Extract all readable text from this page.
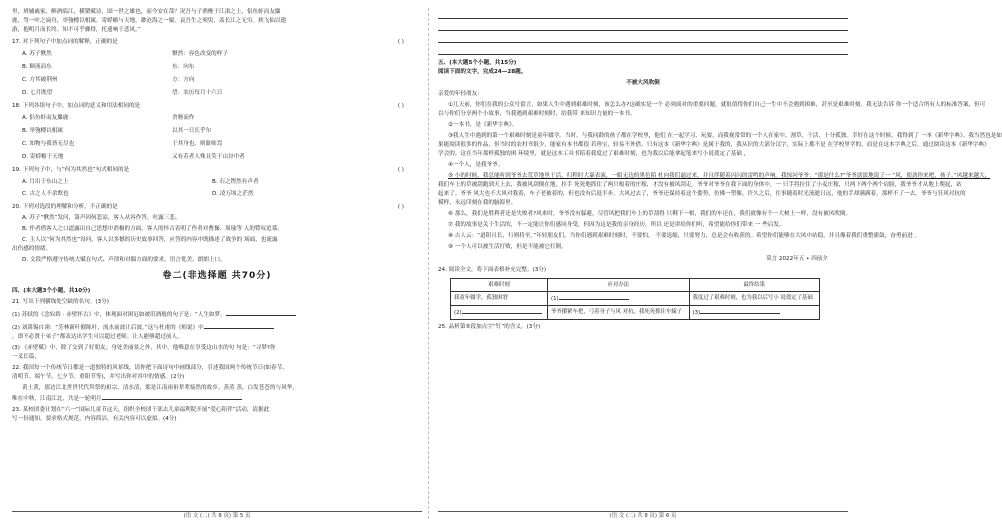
里，班辅戚家，醉酒临江，横槊赋诗，固一世之雄也，而今安在哉？况吾与子渔樵于江渚之上，侣鱼虾而友麋

鹿，驾一叶之扁舟，举匏樽以相属。寄蜉蝣与天地，渺沧海之一粟。哀吾生之须臾，羡长江之无穷。挟飞仙以遨

游，抱明月而长终。知不可乎骤得，托遗响于悲风。”

17. 对下列句子中加点词的解释，正确的是	( )
A. 苏子愀然	愀然：容色改变的样子
B. 顺流而东	东：向东
C. 方其破荆州	方：方向
D. 七月既望	望：农历每月十六日
18. 下列各组句子中，加点词的意义和用法相同的是	( )
A. 侣鱼虾而友麋鹿	舍簪而作
B. 举匏樽以相属	以其一日长乎尔
C. 知物与我皆无尽也	于其身也，则耻师焉
D. 寄蜉蝣于天地	又有若者人殊且笑于山谷中者
19. 下列句子中，与“何为其然也”句式相同的是	( )
A. 月出于东山之上	B. 石之铿然有声者
C. 古之人不余欺也	D. 凌万顷之茫然
20. 下列对选段的理解和分析，不正确的是	( )

A. 苏子“愀然”发问，箫声因何悲凉，客人从容作答，吐露三悲。

B. 作者借客人之口道露出自己思想中消极的方面，客人的怀古表明了作者对曹操、周瑜等 人的赞叹追慕。

C. 主人以“何为其然也”设问，客人以多憾的历史故事回答，应答的内容中既描述了战争的 场面，也流露

出伤感的情绪。

D. 文段严格遵守传统大赋在句式、声律和对偶方面的要求，语言优美，朗朗上口。

卷二(非选择题 共70分)

四、(本大题3个小题，共10分)

21. 写出下列横线处空缺的名句。(3分)

(1) 苏轼的《念奴娇 · 赤壁怀古》中，体现面对困厄如被旧酒般的句子是：“人生如梦，

(2) 刘禹锡自诩：“芳林新叶催陈叶，流水前波让后波。”这与杜甫的《师说》中

，即不必贤于弟子”都表达出学生可以超过老师。让人能够超过前人。

(3) 《赤壁赋》中，除了交到了好朋友、身处美丽景之外，其中，他唯意在享受这山水的句 句是：“寻梦?你

一叉长篇，

22. 我国每一个传统节日都是一道独特的风景线，请你把下面诗句中画线部分，引述我国两个传统节日(如春节、

清明节、端午节、七夕节、重阳节等)，并写出你对其中的情感。(2分)

黄土黄，那边江北世世代代拜祭的祖宗，清水清，那是江南祖祖辈辈接然的故乡。蒸蒸 蒸，白发苍苍的与风华，

唯在中秋，江南江北，共是一轮明月

23. 某校团委计划在“六一”国际儿童节这天，组织全校团干部去儿童福利院开展“爱心陪伴”活动，请据此

写一份通知。要求格式规范，内容简洁。有关内容可以虚拟。(4分)

(语 文 (二) 共 8 页) 第 5 页

五、(本大题5个小题，共15分)

阅读下面的文字，完成24—28题。

不被大风吹倒

亲爱的年轻朋友：

①几天前，你们在我的公众号留言，如果人生中遇到艰难时刻，该怎么办?这确实是一个 必须面对的重要问题，就很值得你们自己一生中不会遇到困难，甚至是艰难时刻。我无法告诉 你一个适合所有人的标准答案，但可

以与你们分享两个小故事，当我遇到艰难时刻时，给我带 来知识力量的一本书。

②一本书，是《新华字典》。

③我人生中遇到的第一个艰难时刻是童年辍学。当时，与我同龄的孩子都在学校里，他们 在一起学习、玩耍，而我视常常的一个人在家中、割草、干活，十分孤独。幸好在这个时候，我得到了 一本《新华字典》。我当然也是如

果能阅读很多的作品，但当时的农村书很少，能家有本书都很 若珍宝，轻易不外借，只有这本《新华字典》是属于我的，我从识的大部分汉字，实际上都不是 在学校里学的，而是在这本字典之后，通过阅读这本《新华字典》

学会的。这在当年那样孤独的困 环境里，就是这本工具书陪着我度过了艰难时刻，也为我以后能拿起笔来写小说奠定了基础 ，

④一个人，是我爷爷。

⑤ 小的时候，我总能听到爷爷去荒草地里干活，归程时大暴表演，一眼无边的黑色陌 杜向我们逼过来，并且伴随着闪闪的雷鸣的声响。我惊问爷爷：“那是什么?”爷爷淡淡地说了一 “风，使劲你来吧，孩子。”风越来越大，

我们车上的草被刮跑到天上去，我被风刮倒在地，拉手 死死地抓住了两只根着的庄稼，才没有被风刮走。爷爷对爷爷在我下面的身体中，一 只手将拉住了小麦庄稼，只两下两个两个肩膀，我爷爷才从地上爬起，站

起来了。爷爷 风大也不大风对我着，车子老被着的，但也没有后退半步，大风过去了，爷爷还保持着这个姿势，仿佛一塑像。许久之后，往事随着时光流逝日远，他的手却满满着，那样不了一去。爷爷与狂风对抗的

模样，永远印刻在我的脑海里。

⑥ 那么，我们是胜利者还是失败者?风来时，爷爷没有躲避，尽管风把我们车上的草刮得 只剩下一根，我们的车还在，我们就像有个一大树上一样，没有被风吹倒。

⑦ 我的故事是关于生活的，不一定能让你们感同身受，但因为这是我的亲身经历，所以 还是讲给你们听，希望能给你们带来 一 些启发。

⑧ 古人云：“道阻且长，行则将至。”年轻朋友们，当你们遇到艰难时刻时，不要怕， 不要退缩，只要努力，总是会有收获的。希望你们能够在大风中站稳，并且像着我们重整旗鼓，奋勇前进 。

⑨ 一个人可以被生活打败，但是不能被它打倒。

莫言 2022年五 • 四前夕

24. 阅读全文，将下面表格补充完整。(3分)

艰难时刻	应对办法	最终结果
我童年辍学，孤独困窘	(1)	我度过了艰难时刻，也为我以后写小 说奠定了基础
(2)	爷爷攥紧车把，弓着身子与风 对抗，我死死抓住车辕子	(3)

25. 品析第⑤段加点字“钉”的含义。(3分)

(语 文 (二) 共 8 页) 第 6 页
